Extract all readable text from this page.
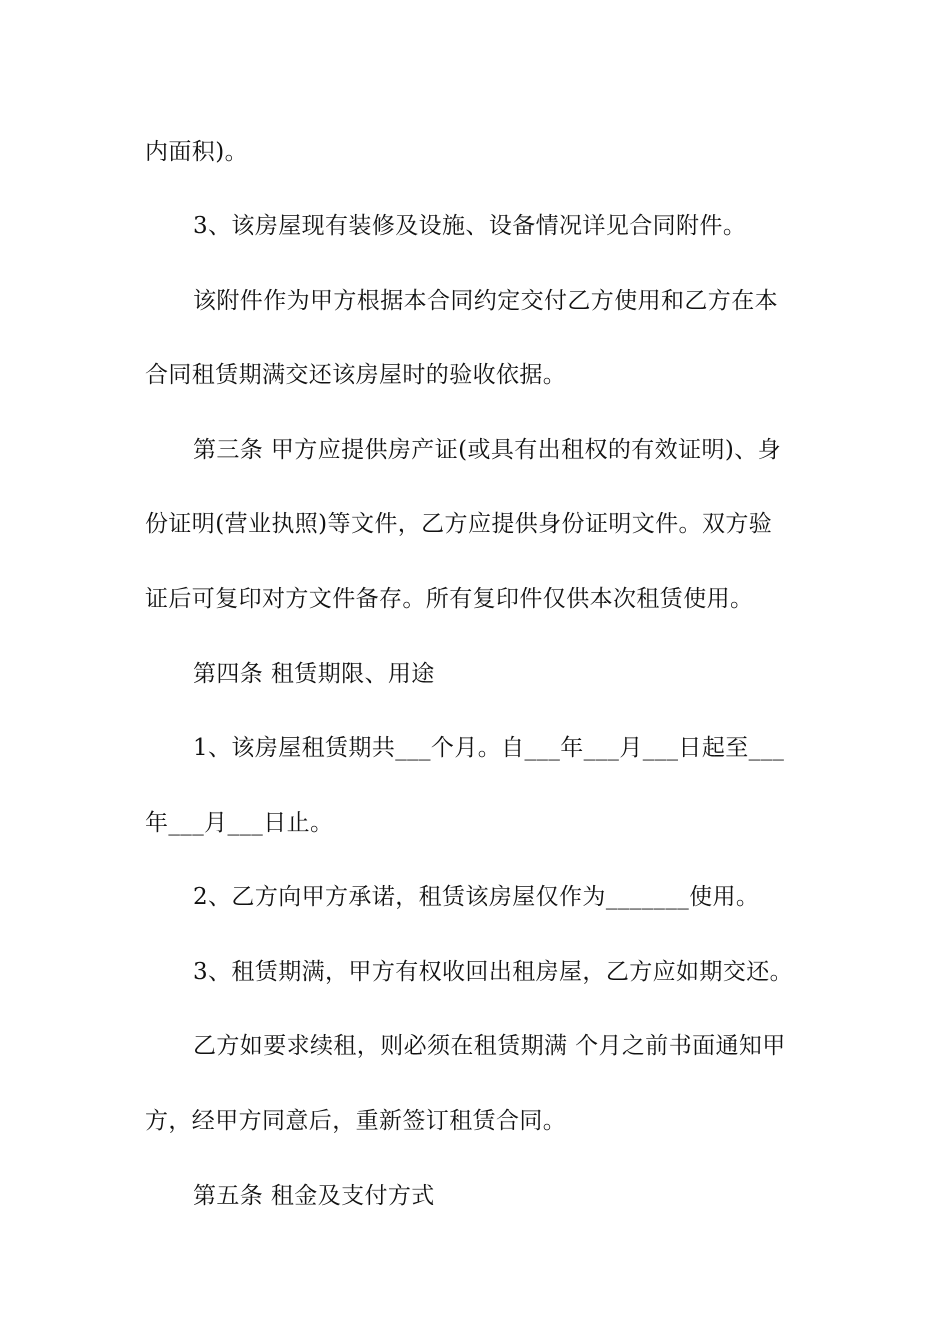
内面积)。
3、该房屋现有装修及设施、设备情况详见合同附件。
该附件作为甲方根据本合同约定交付乙方使用和乙方在本
合同租赁期满交还该房屋时的验收依据。
第三条 甲方应提供房产证(或具有出租权的有效证明)、身
份证明(营业执照)等文件，乙方应提供身份证明文件。双方验
证后可复印对方文件备存。所有复印件仅供本次租赁使用。
第四条 租赁期限、用途
1、该房屋租赁期共___个月。自___年___月___日起至___
年___月___日止。
2、乙方向甲方承诺，租赁该房屋仅作为_______使用。
3、租赁期满，甲方有权收回出租房屋，乙方应如期交还。
乙方如要求续租，则必须在租赁期满 个月之前书面通知甲
方，经甲方同意后，重新签订租赁合同。
第五条 租金及支付方式
